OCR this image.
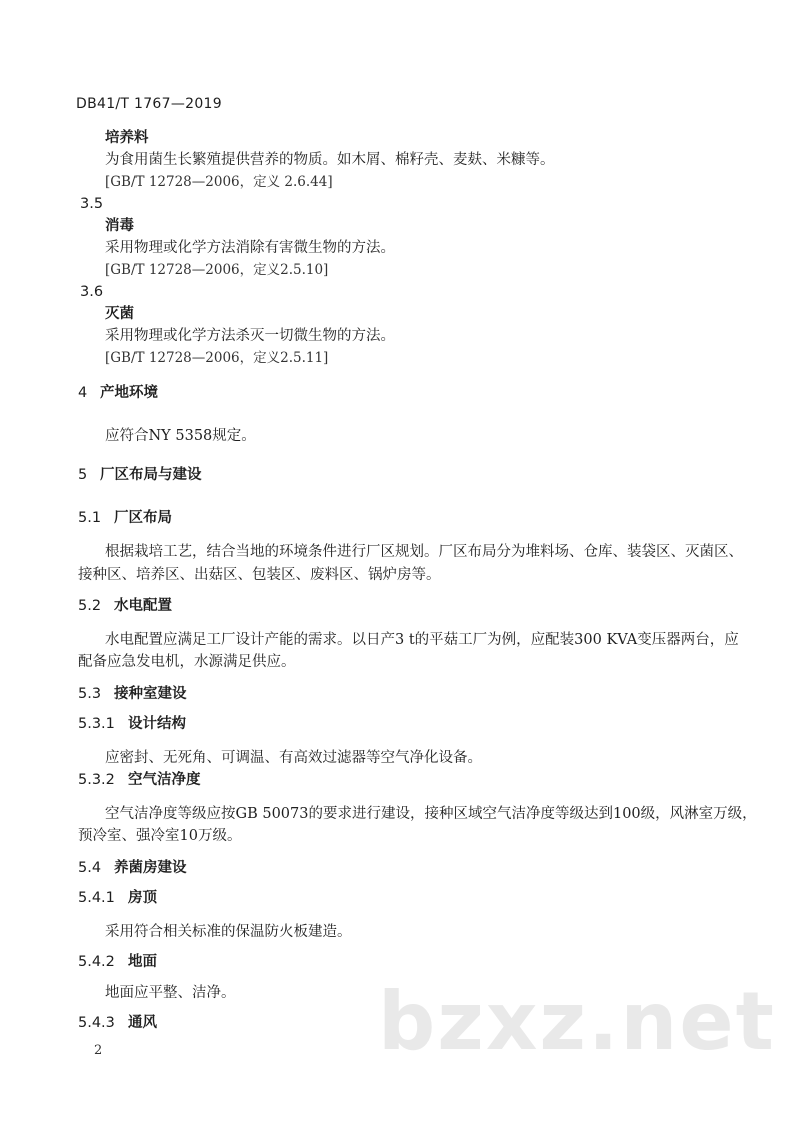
DB41/T 1767—2019
培养料
为食用菌生长繁殖提供营养的物质。如木屑、棉籽壳、麦麸、米糠等。
[GB/T 12728—2006，定义 2.6.44]
3.5
消毒
采用物理或化学方法消除有害微生物的方法。
[GB/T 12728—2006，定义2.5.10]
3.6
灭菌
采用物理或化学方法杀灭一切微生物的方法。
[GB/T 12728—2006，定义2.5.11]
4 产地环境
应符合NY 5358规定。
5 厂区布局与建设
5.1 厂区布局
根据栽培工艺，结合当地的环境条件进行厂区规划。厂区布局分为堆料场、仓库、装袋区、灭菌区、
接种区、培养区、出菇区、包装区、废料区、锅炉房等。
5.2 水电配置
水电配置应满足工厂设计产能的需求。以日产3 t的平菇工厂为例，应配装300 KVA变压器两台，应
配备应急发电机，水源满足供应。
5.3 接种室建设
5.3.1 设计结构
应密封、无死角、可调温、有高效过滤器等空气净化设备。
5.3.2 空气洁净度
空气洁净度等级应按GB 50073的要求进行建设，接种区域空气洁净度等级达到100级，风淋室万级，
预冷室、强冷室10万级。
5.4 养菌房建设
5.4.1 房顶
采用符合相关标准的保温防火板建造。
5.4.2 地面
地面应平整、洁净。
5.4.3 通风	bzxz.net
2
